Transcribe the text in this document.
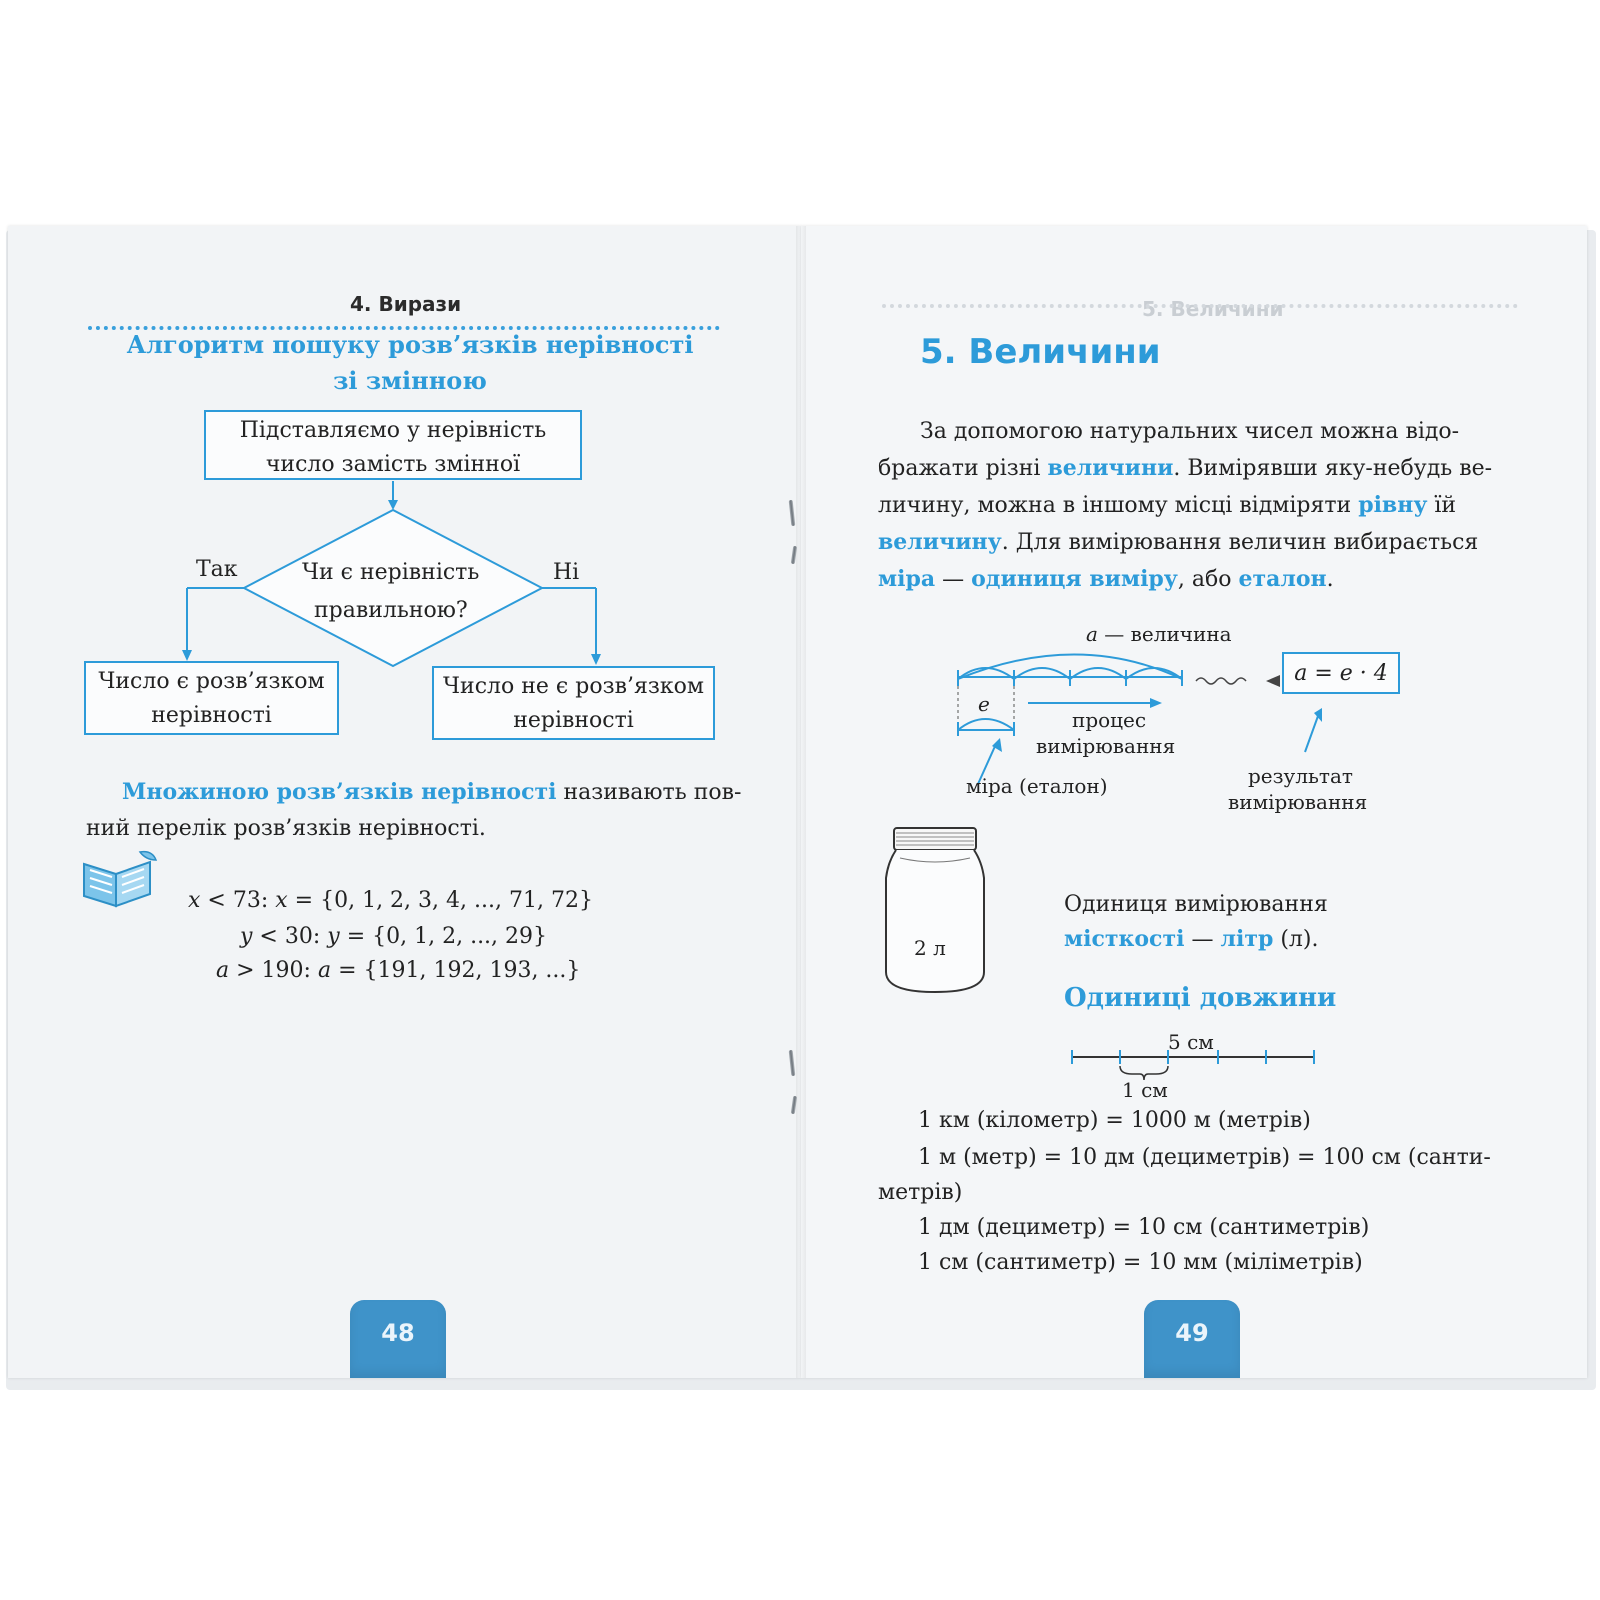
4. Вирази
Алгоритм пошуку розв’язків нерівності
зі змінною
Підставляємо у нерівність
число замість змінної
Чи є нерівність
правильною?
Так	Ні
Число є розв’язком
нерівності
Число не є розв’язком
нерівності
Множиною розв’язків нерівності називають пов-
ний перелік розв’язків нерівності.
x < 73: x = {0, 1, 2, 3, 4, ..., 71, 72}
y < 30: y = {0, 1, 2, ..., 29}
a > 190: a = {191, 192, 193, ...}
48
5. Величини
5. Величини
За допомогою натуральних чисел можна відо-
бражати різні величини. Вимірявши яку-небудь ве-
личину, можна в іншому місці відміряти рівну їй
величину. Для вимірювання величин вибирається
міра — одиниця виміру, або еталон.
a — величина
a = e · 4
e
процес
вимірювання
міра (еталон)	результат
вимірювання
2 л
Одиниця вимірювання
місткості — літр (л).
Одиниці довжини
5 см
1 см
1 км (кілометр) = 1000 м (метрів)
1 м (метр) = 10 дм (дециметрів) = 100 см (санти-
метрів)
1 дм (дециметр) = 10 см (сантиметрів)
1 см (сантиметр) = 10 мм (міліметрів)
49
